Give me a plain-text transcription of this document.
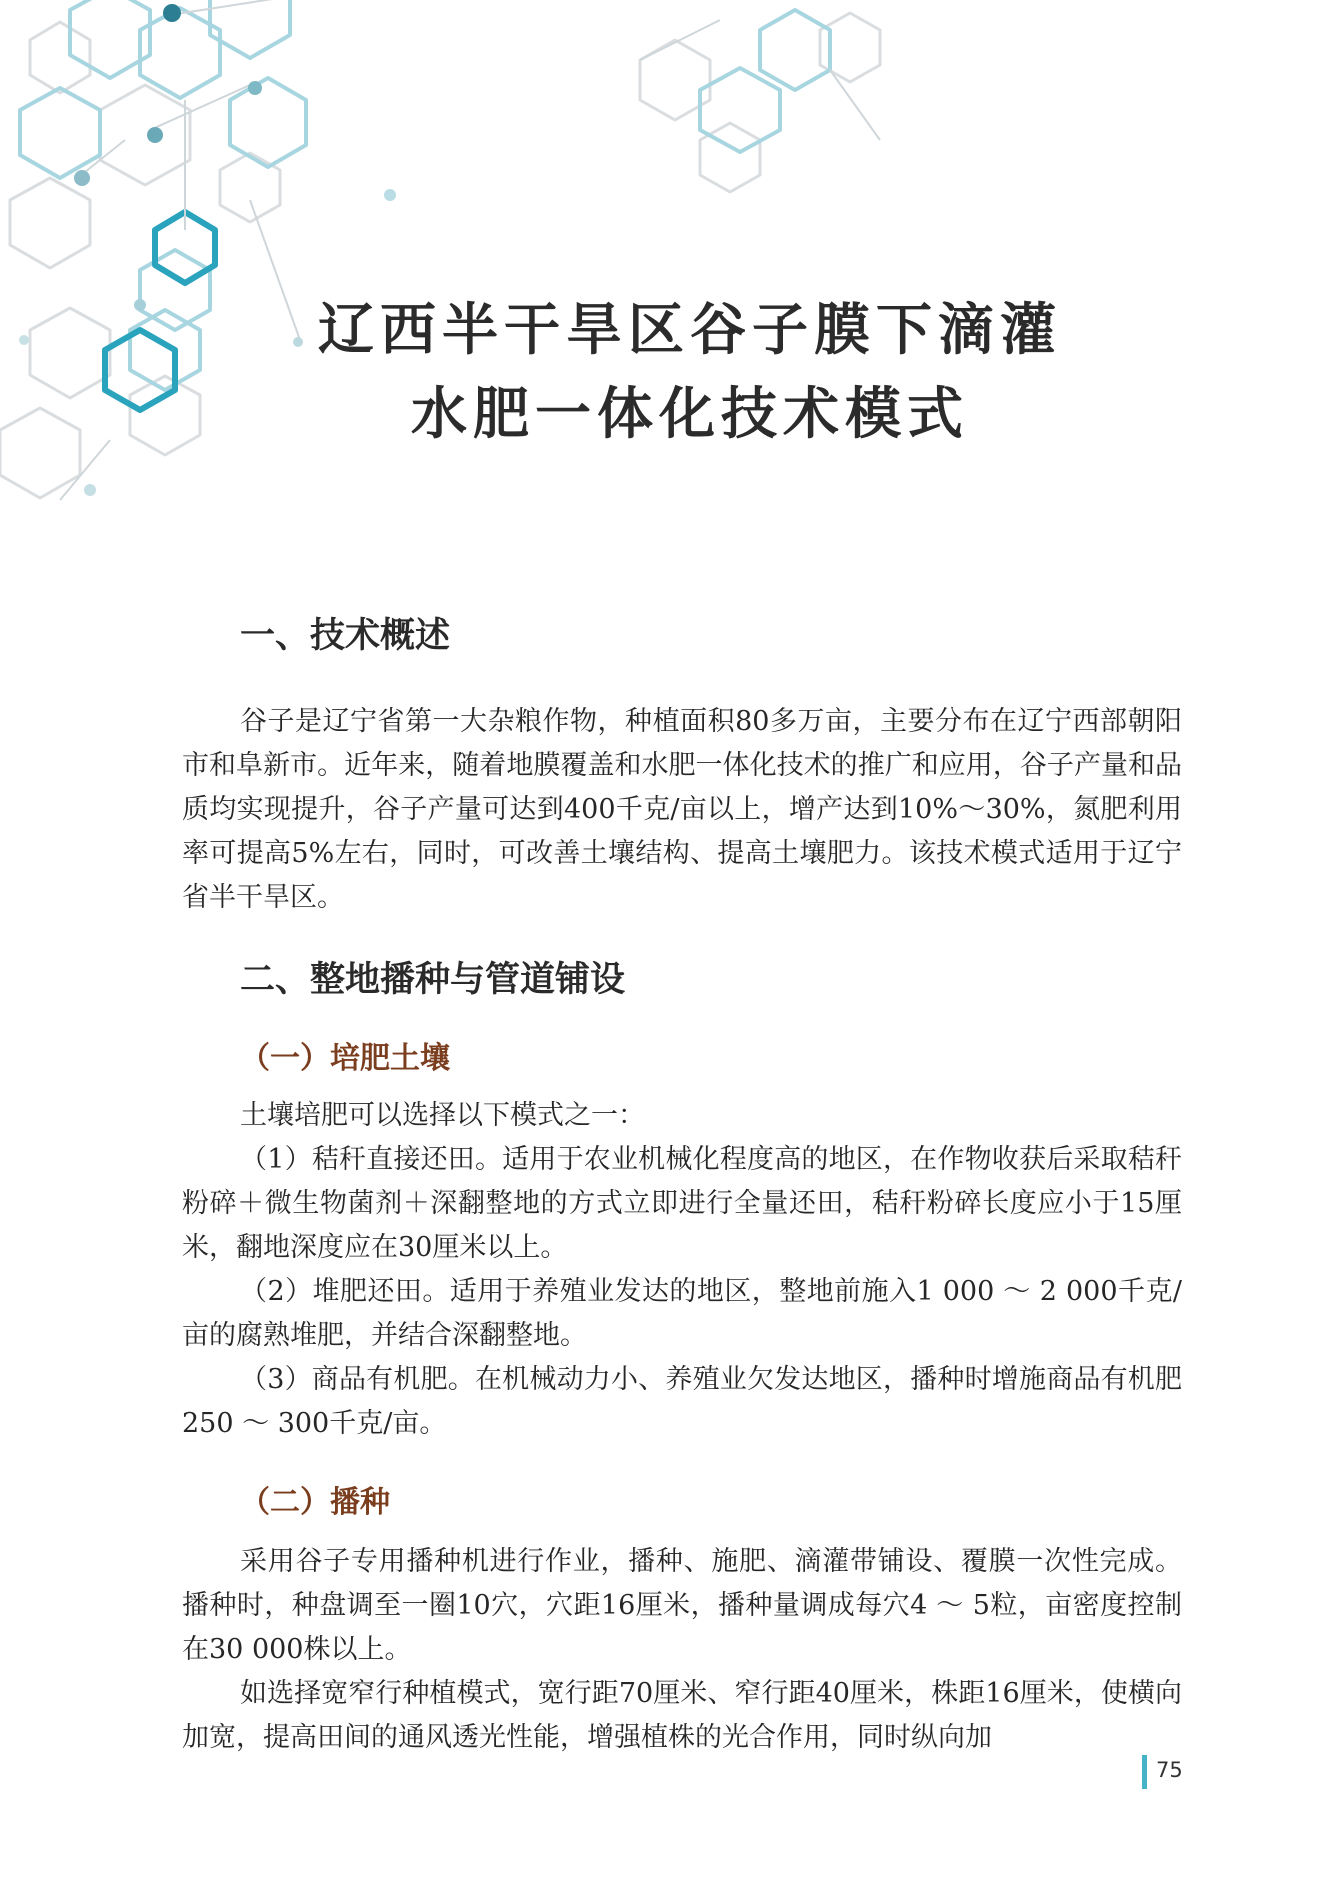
辽西半干旱区谷子膜下滴灌
水肥一体化技术模式
一、技术概述
谷子是辽宁省第一大杂粮作物，种植面积80多万亩，主要分布在辽宁西部朝阳市和阜新市。近年来，随着地膜覆盖和水肥一体化技术的推广和应用，谷子产量和品质均实现提升，谷子产量可达到400千克/亩以上，增产达到10%～30%，氮肥利用率可提高5%左右，同时，可改善土壤结构、提高土壤肥力。该技术模式适用于辽宁省半干旱区。
二、整地播种与管道铺设
（一）培肥土壤
土壤培肥可以选择以下模式之一：
（1）秸秆直接还田。适用于农业机械化程度高的地区，在作物收获后采取秸秆粉碎＋微生物菌剂＋深翻整地的方式立即进行全量还田，秸秆粉碎长度应小于15厘米，翻地深度应在30厘米以上。
（2）堆肥还田。适用于养殖业发达的地区，整地前施入1 000 ～ 2 000千克/亩的腐熟堆肥，并结合深翻整地。
（3）商品有机肥。在机械动力小、养殖业欠发达地区，播种时增施商品有机肥250 ～ 300千克/亩。
（二）播种
采用谷子专用播种机进行作业，播种、施肥、滴灌带铺设、覆膜一次性完成。播种时，种盘调至一圈10穴，穴距16厘米，播种量调成每穴4 ～ 5粒，亩密度控制在30 000株以上。
如选择宽窄行种植模式，宽行距70厘米、窄行距40厘米，株距16厘米，使横向加宽，提高田间的通风透光性能，增强植株的光合作用，同时纵向加
75
